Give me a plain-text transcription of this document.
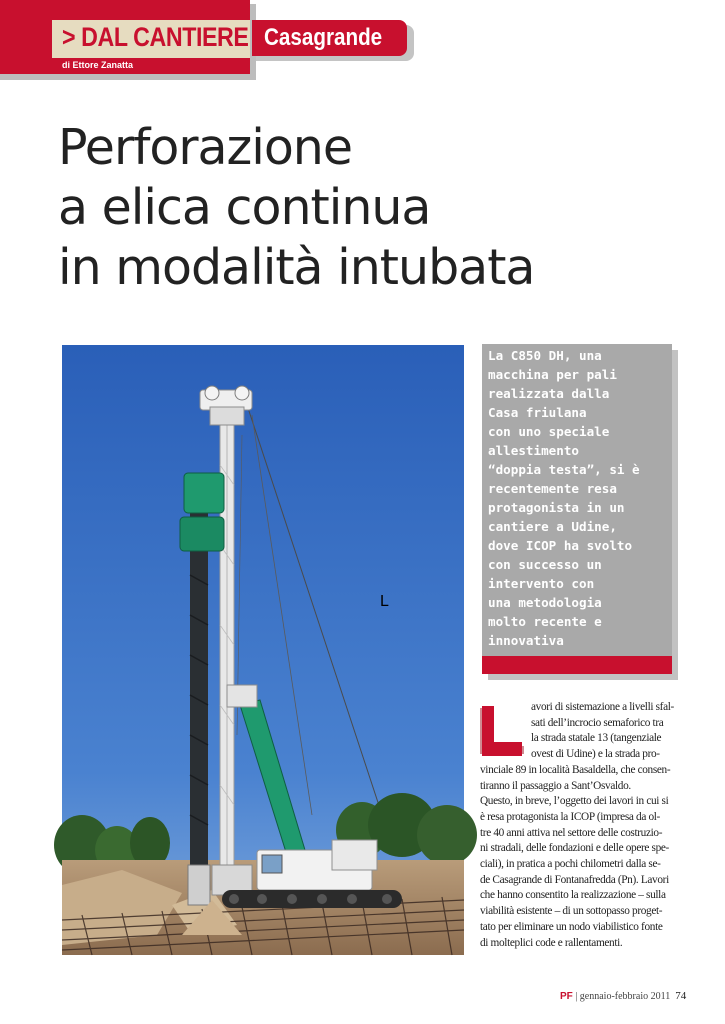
> DAL CANTIERE Casagrande
di Ettore Zanatta
Perforazione
a elica continua
in modalità intubata
La C850 DH, una
macchina per pali
realizzata dalla
Casa friulana
con uno speciale
allestimento
“doppia testa”, si è
recentemente resa
protagonista in un
cantiere a Udine,
dove ICOP ha svolto
con successo un
intervento con
una metodologia
molto recente e
innovativa
L
avori di sistemazione a livelli sfal-
sati dell’incrocio semaforico tra
la strada statale 13 (tangenziale
ovest di Udine) e la strada pro-
vinciale 89 in località Basaldella, che consen-
tiranno il passaggio a Sant’Osvaldo.
Questo, in breve, l’oggetto dei lavori in cui si
è resa protagonista la ICOP (impresa da ol-
tre 40 anni attiva nel settore delle costruzio-
ni stradali, delle fondazioni e delle opere spe-
ciali), in pratica a pochi chilometri dalla se-
de Casagrande di Fontanafredda (Pn). Lavori
che hanno consentito la realizzazione – sulla
viabilità esistente – di un sottopasso proget-
tato per eliminare un nodo viabilistico fonte
di molteplici code e rallentamenti.
PF | gennaio-febbraio 2011 74
